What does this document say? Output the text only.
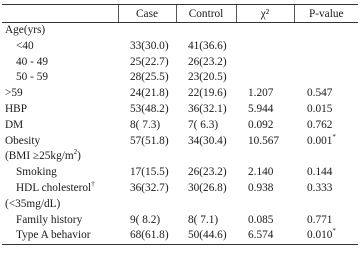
	Case	Control	χ²	P-value
Age(yrs)				
<40	33(30.0)	41(36.6)		
40 - 49	25(22.7)	26(23.2)		
50 - 59	28(25.5)	23(20.5)		
>59	24(21.8)	22(19.6)	1.207	0.547
HBP	53(48.2)	36(32.1)	5.944	0.015
DM	8( 7.3)	7( 6.3)	0.092	0.762
Obesity	57(51.8)	34(30.4)	10.567	0.001*
$(BMI \ge 25kg/m^2)$				
Smoking	17(15.5)	26(23.2)	2.140	0.144
HDL cholesterol†	36(32.7)	30(26.8)	0.938	0.333
(<35mg/dL)				
Family history	9( 8.2)	8( 7.1)	0.085	0.771
Type A behavior	68(61.8)	50(44.6)	6.574	0.010*
